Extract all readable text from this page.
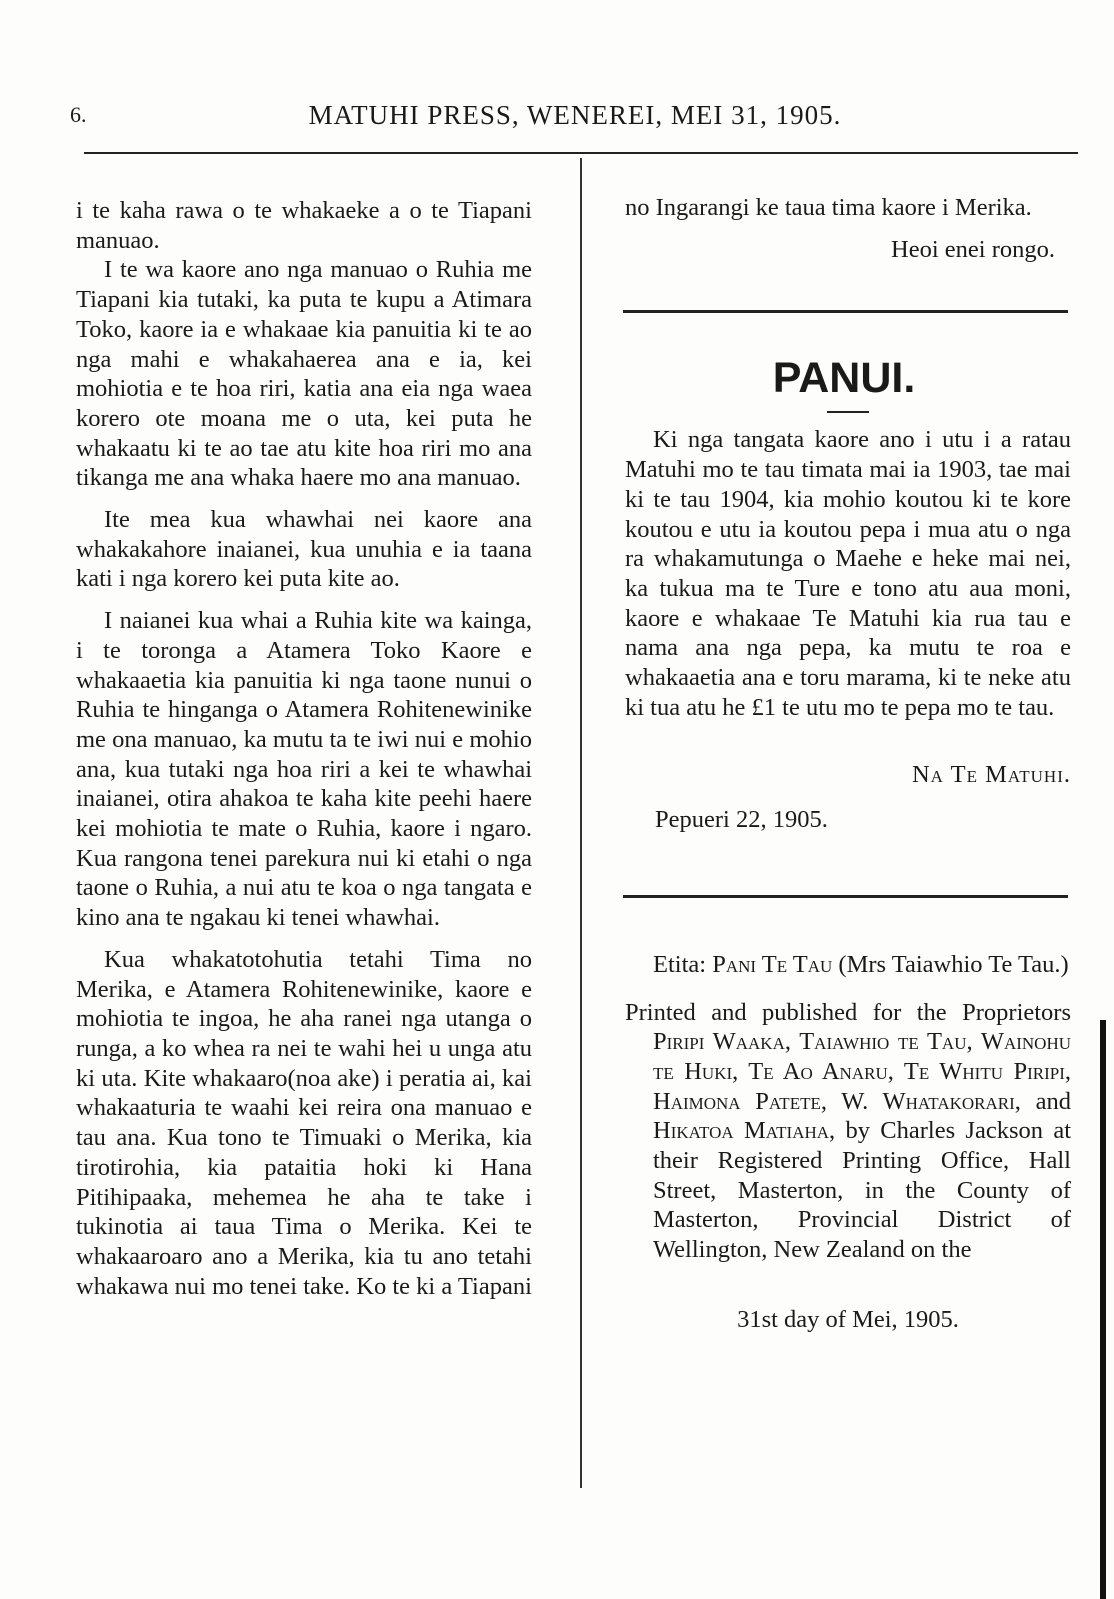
6.	MATUHI PRESS, WENEREI, MEI 31, 1905.

i te kaha rawa o te whakaeke a o te Tiapani manuao.

I te wa kaore ano nga manuao o Ruhia me Tiapani kia tutaki, ka puta te kupu a Atimara Toko, kaore ia e whakaae kia panuitia ki te ao nga mahi e whakahaerea ana e ia, kei mohiotia e te hoa riri, katia ana eia nga waea korero ote moana me o uta, kei puta he whakaatu ki te ao tae atu kite hoa riri mo ana tikanga me ana whaka haere mo ana manuao.

Ite mea kua whawhai nei kaore ana whakakahore inaianei, kua unuhia e ia taana kati i nga korero kei puta kite ao.

I naianei kua whai a Ruhia kite wa kainga, i te toronga a Atamera Toko Kaore e whakaaetia kia panuitia ki nga taone nunui o Ruhia te hinganga o Atamera Rohitenewinike me ona manuao, ka mutu ta te iwi nui e mohio ana, kua tutaki nga hoa riri a kei te whawhai inaianei, otira ahakoa te kaha kite peehi haere kei mohiotia te mate o Ruhia, kaore i ngaro. Kua rangona tenei parekura nui ki etahi o nga taone o Ruhia, a nui atu te koa o nga tangata e kino ana te ngakau ki tenei whawhai.

Kua whakatotohutia tetahi Tima no Merika, e Atamera Rohitenewinike, kaore e mohiotia te ingoa, he aha ranei nga utanga o runga, a ko whea ra nei te wahi hei u unga atu ki uta. Kite whakaaro(noa ake) i peratia ai, kai whakaaturia te waahi kei reira ona manuao e tau ana. Kua tono te Timuaki o Merika, kia tirotirohia, kia pataitia hoki ki Hana Pitihipaaka, mehemea he aha te take i tukinotia ai taua Tima o Merika. Kei te whakaaroaro ano a Merika, kia tu ano tetahi whakawa nui mo tenei take. Ko te ki a Tiapani

no Ingarangi ke taua tima kaore i Merika.

Heoi enei rongo.

PANUI.

Ki nga tangata kaore ano i utu i a ratau Matuhi mo te tau timata mai ia 1903, tae mai ki te tau 1904, kia mohio koutou ki te kore koutou e utu ia koutou pepa i mua atu o nga ra whakamutunga o Maehe e heke mai nei, ka tukua ma te Ture e tono atu aua moni, kaore e whakaae Te Matuhi kia rua tau e nama ana nga pepa, ka mutu te roa e whakaaetia ana e toru marama, ki te neke atu ki tua atu he £1 te utu mo te pepa mo te tau.

Na Te Matuhi.

Pepueri 22, 1905.

Etita: Pani Te Tau (Mrs Taiawhio Te Tau.)

Printed and published for the Proprietors Piripi Waaka, Taiawhio te Tau, Wainohu te Huki, Te Ao Anaru, Te Whitu Piripi, Haimona Patete, W. Whatakorari, and Hikatoa Matiaha, by Charles Jackson at their Registered Printing Office, Hall Street, Masterton, in the County of Masterton, Provincial District of Wellington, New Zealand on the

31st day of Mei, 1905.
